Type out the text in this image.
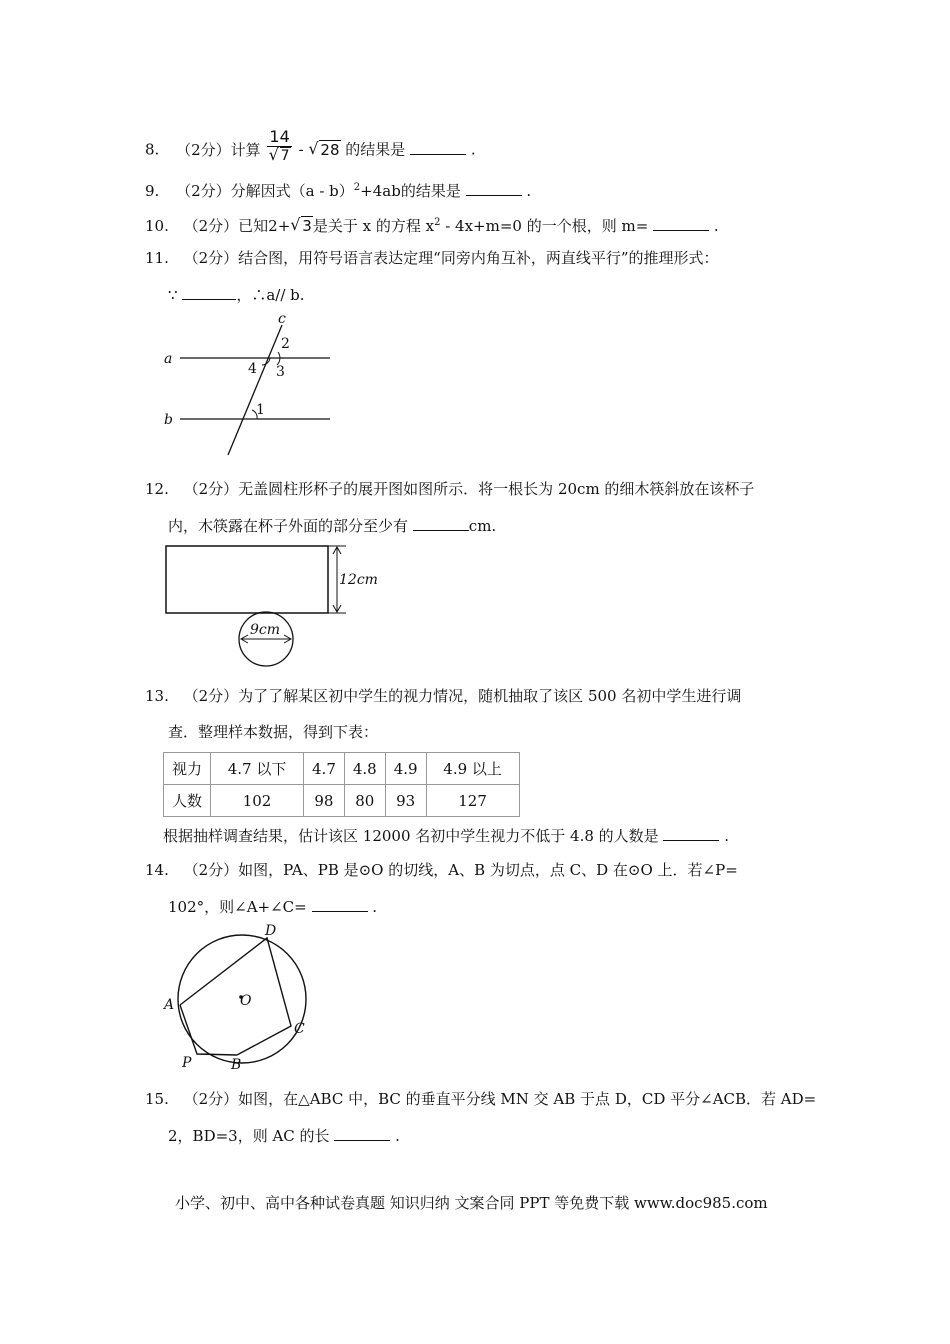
8. （2分）计算 14
√ 7 - √ 28 的结果是	.
9. （2分）分解因式（a - b）$^2$+4ab的结果是	.
10. （2分）已知2+ √ 3是关于 x 的方程 $x^2 - 4x+m=0$ 的一个根，则 m=	.
11. （2分）结合图，用符号语言表达定理“同旁内角互补，两直线平行”的推理形式：
∵	，∴a// b.
c
a
2
4 3
b
1
12. （2分）无盖圆柱形杯子的展开图如图所示．将一根长为 20cm 的细木筷斜放在该杯子
内，木筷露在杯子外面的部分至少有	cm.
12cm
9cm
13. （2分）为了了解某区初中学生的视力情况，随机抽取了该区 500 名初中学生进行调
查．整理样本数据，得到下表：
视力	4.7 以下	4.7	4.8	4.9	4.9 以上
人数	102	98	80	93	127
根据抽样调查结果，估计该区 12000 名初中学生视力不低于 4.8 的人数是	.
14. （2分）如图，PA、PB 是⊙O 的切线，A、B 为切点，点 C、D 在⊙O 上．若∠P=
102°，则∠A+∠C=	.
D
A	O
C
P	B
15. （2分）如图，在△ABC 中，BC 的垂直平分线 MN 交 AB 于点 D，CD 平分∠ACB．若 AD=
2，BD=3，则 AC 的长	.
小学、初中、高中各种试卷真题 知识归纳 文案合同 PPT 等免费下载 www.doc985.com
